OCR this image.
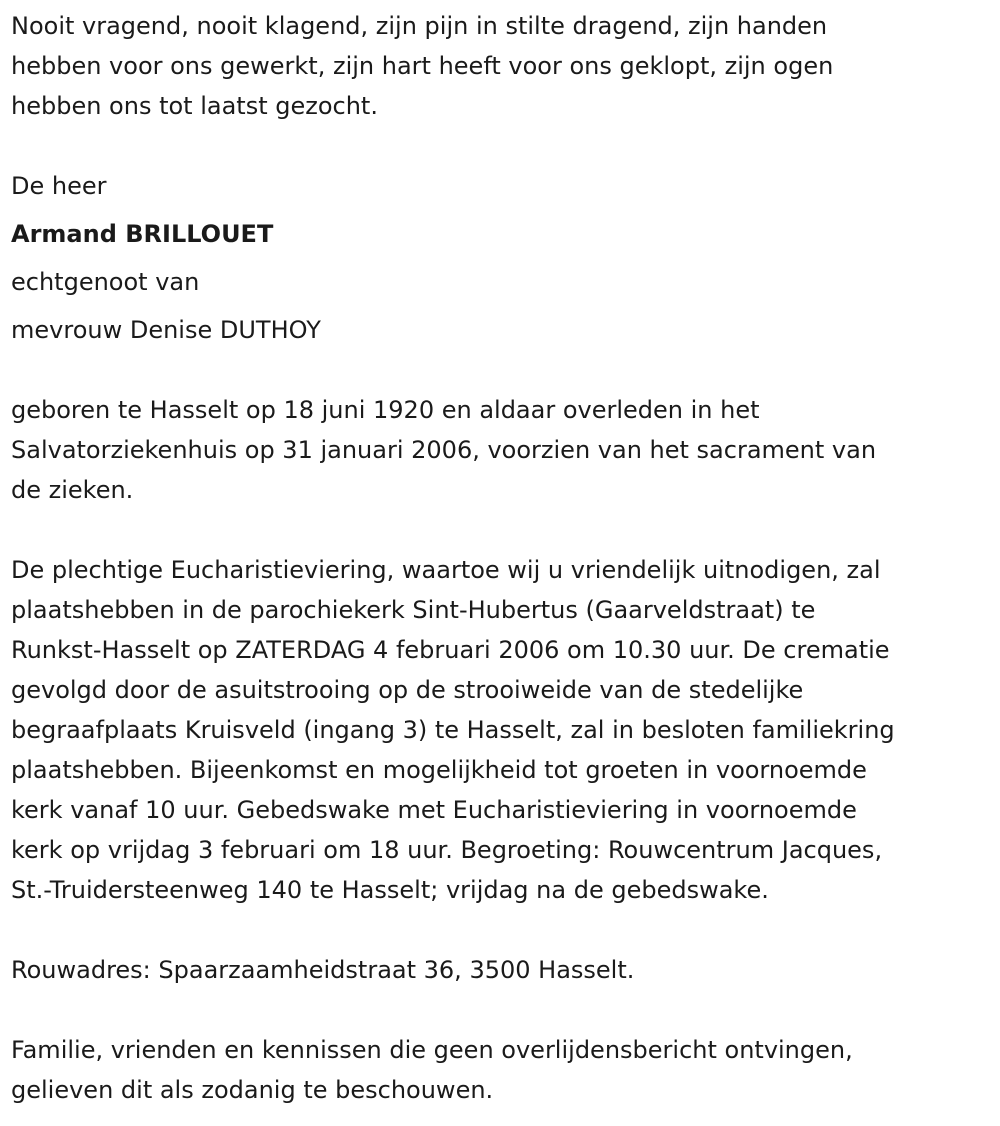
Nooit vragend, nooit klagend, zijn pijn in stilte dragend, zijn handen

hebben voor ons gewerkt, zijn hart heeft voor ons geklopt, zijn ogen

hebben ons tot laatst gezocht.

De heer

Armand BRILLOUET

echtgenoot van

mevrouw Denise DUTHOY

geboren te Hasselt op 18 juni 1920 en aldaar overleden in het

Salvatorziekenhuis op 31 januari 2006, voorzien van het sacrament van

de zieken.

De plechtige Eucharistieviering, waartoe wij u vriendelijk uitnodigen, zal

plaatshebben in de parochiekerk Sint-Hubertus (Gaarveldstraat) te

Runkst-Hasselt op ZATERDAG 4 februari 2006 om 10.30 uur. De crematie

gevolgd door de asuitstrooing op de strooiweide van de stedelijke

begraafplaats Kruisveld (ingang 3) te Hasselt, zal in besloten familiekring

plaatshebben. Bijeenkomst en mogelijkheid tot groeten in voornoemde

kerk vanaf 10 uur. Gebedswake met Eucharistieviering in voornoemde

kerk op vrijdag 3 februari om 18 uur. Begroeting: Rouwcentrum Jacques,

St.-Truidersteenweg 140 te Hasselt; vrijdag na de gebedswake.

Rouwadres: Spaarzaamheidstraat 36, 3500 Hasselt.

Familie, vrienden en kennissen die geen overlijdensbericht ontvingen,

gelieven dit als zodanig te beschouwen.
